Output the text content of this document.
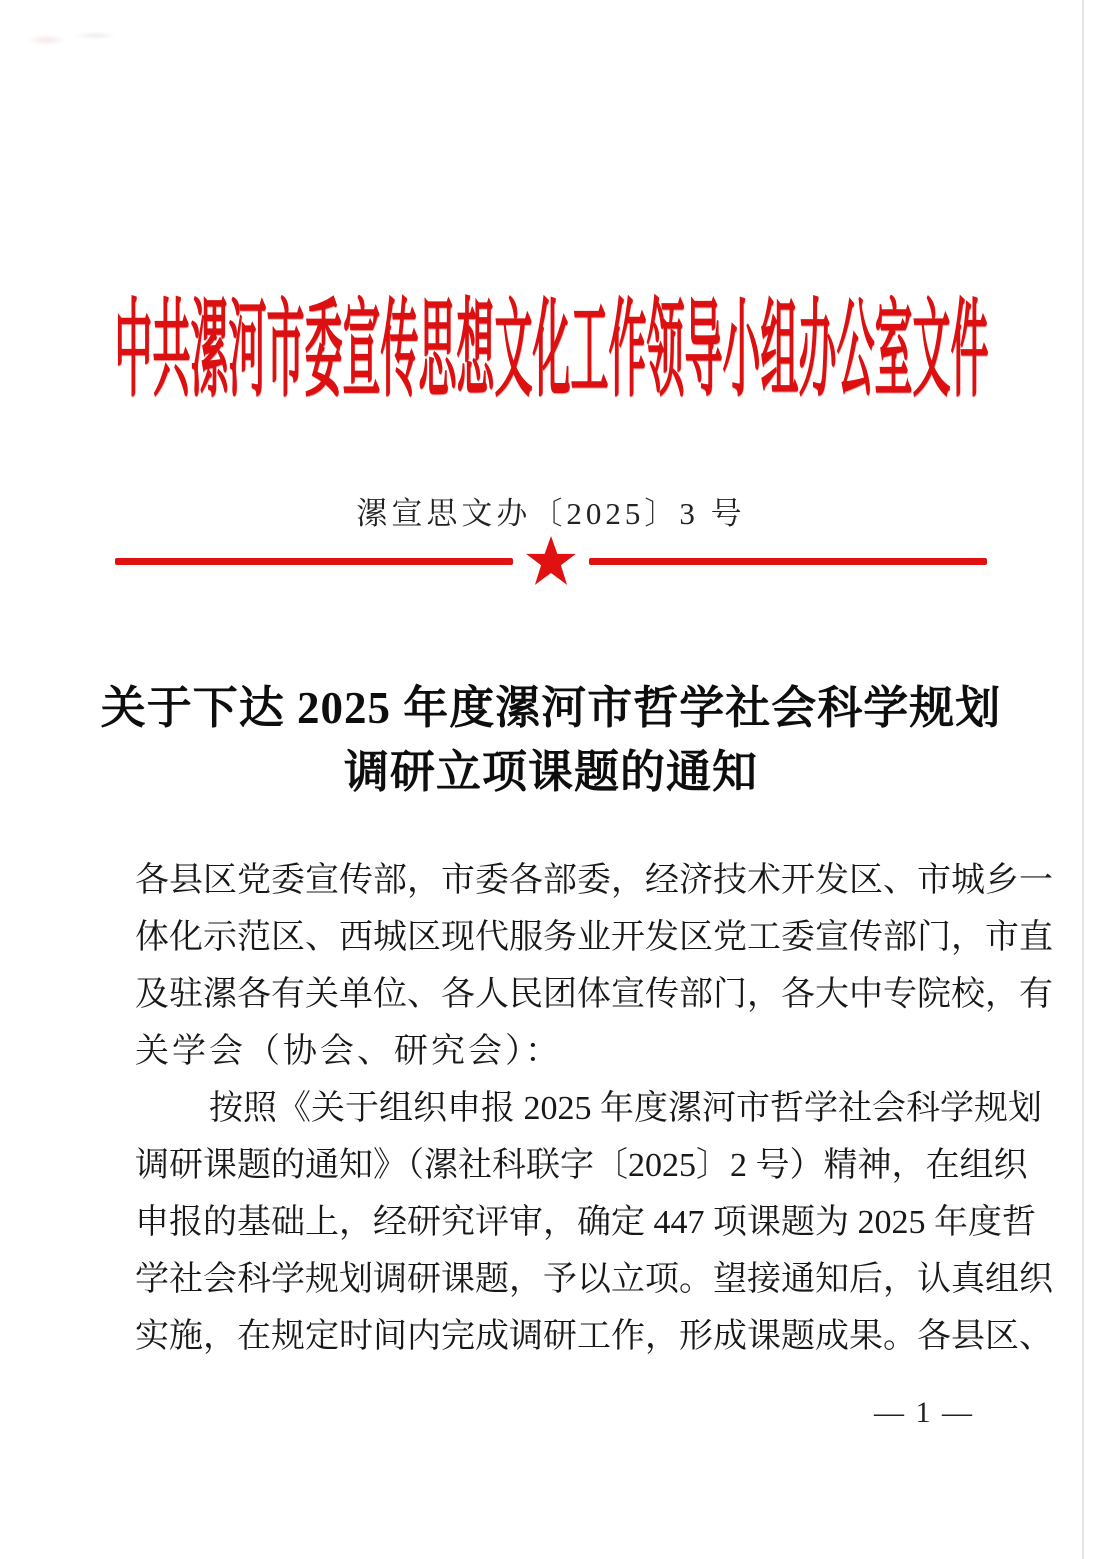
中共漯河市委宣传思想文化工作领导小组办公室文件
漯宣思文办〔2025〕3 号
关于下达 2025 年度漯河市哲学社会科学规划
调研立项课题的通知
各县区党委宣传部，市委各部委，经济技术开发区、市城乡一
体化示范区、西城区现代服务业开发区党工委宣传部门，市直
及驻漯各有关单位、各人民团体宣传部门，各大中专院校，有
关学会（协会、研究会）：
按照《关于组织申报 2025 年度漯河市哲学社会科学规划
调研课题的通知》（漯社科联字〔2025〕2 号）精神，在组织
申报的基础上，经研究评审，确定 447 项课题为 2025 年度哲
学社会科学规划调研课题，予以立项。望接通知后，认真组织
实施，在规定时间内完成调研工作，形成课题成果。各县区、
— 1 —
